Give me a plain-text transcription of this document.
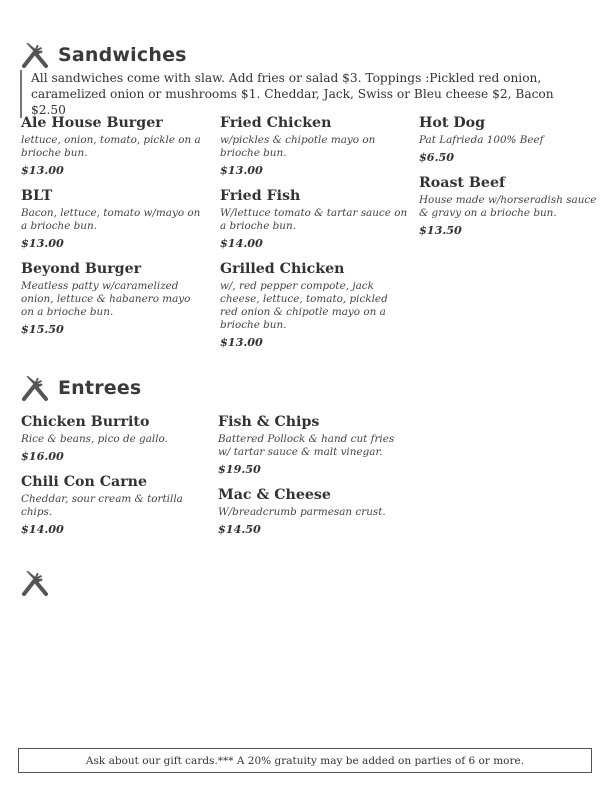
Sandwiches
All sandwiches come with slaw. Add fries or salad $3. Toppings :Pickled red onion, caramelized onion or mushrooms $1. Cheddar, Jack, Swiss or Bleu cheese $2, Bacon $2.50
Ale House Burger
lettuce, onion, tomato, pickle on a brioche bun.
$13.00
BLT
Bacon, lettuce, tomato w/mayo on a brioche bun.
$13.00
Beyond Burger
Meatless patty w/caramelized onion, lettuce & habanero mayo on a brioche bun.
$15.50
Fried Chicken
w/pickles & chipotle mayo on brioche bun.
$13.00
Fried Fish
W/lettuce tomato & tartar sauce on a brioche bun.
$14.00
Grilled Chicken
w/, red pepper compote, jack cheese, lettuce, tomato, pickled red onion & chipotle mayo on a brioche bun.
$13.00
Hot Dog
Pat Lafrieda 100% Beef
$6.50
Roast Beef
House made w/horseradish sauce & gravy on a brioche bun.
$13.50
Entrees
Chicken Burrito
Rice & beans, pico de gallo.
$16.00
Chili Con Carne
Cheddar, sour cream & tortilla chips.
$14.00
Fish & Chips
Battered Pollock & hand cut fries w/ tartar sauce & malt vinegar.
$19.50
Mac & Cheese
W/breadcrumb parmesan crust.
$14.50
Ask about our gift cards.*** A 20% gratuity may be added on parties of 6 or more.
